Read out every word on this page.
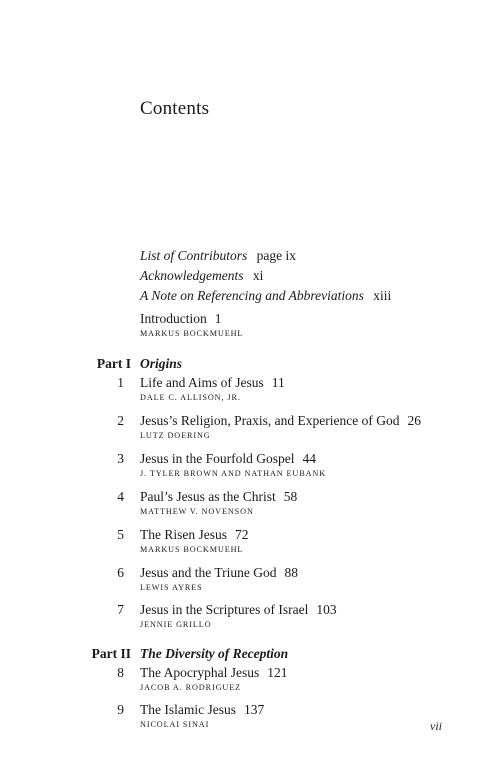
Contents
List of Contributors page ix
Acknowledgements xi
A Note on Referencing and Abbreviations xiii
Introduction 1
MARKUS BOCKMUEHL
Part I Origins
1 Life and Aims of Jesus 11
DALE C. ALLISON, JR.
2 Jesus’s Religion, Praxis, and Experience of God 26
LUTZ DOERING
3 Jesus in the Fourfold Gospel 44
J. TYLER BROWN AND NATHAN EUBANK
4 Paul’s Jesus as the Christ 58
MATTHEW V. NOVENSON
5 The Risen Jesus 72
MARKUS BOCKMUEHL
6 Jesus and the Triune God 88
LEWIS AYRES
7 Jesus in the Scriptures of Israel 103
JENNIE GRILLO
Part II The Diversity of Reception
8 The Apocryphal Jesus 121
JACOB A. RODRIGUEZ
9 The Islamic Jesus 137
NICOLAI SINAI	vii
